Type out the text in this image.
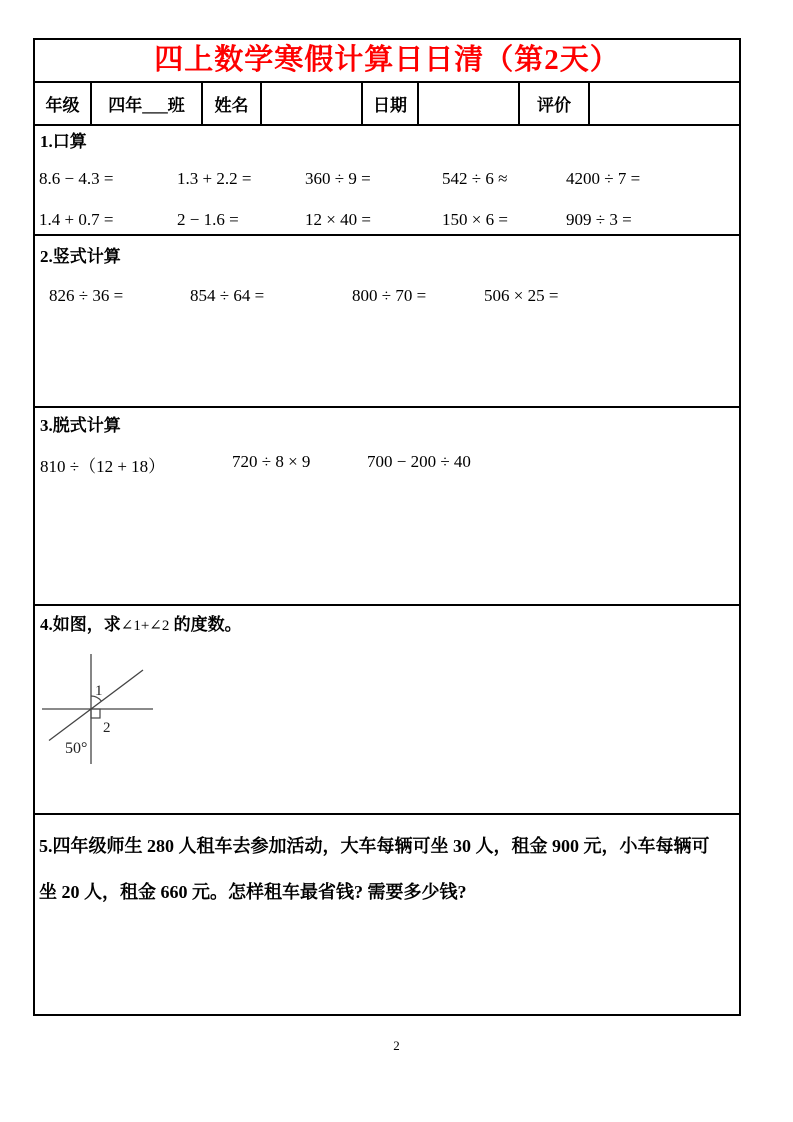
四上数学寒假计算日日清（第2天）
年级	四年___班	姓名	日期	评价
1.口算
8.6 − 4.3 =	1.3 + 2.2 =	360 ÷ 9 =	542 ÷ 6 ≈	4200 ÷ 7 =
1.4 + 0.7 =	2 − 1.6 =	12 × 40 =	150 × 6 =	909 ÷ 3 =
2.竖式计算
826 ÷ 36 =	854 ÷ 64 =	800 ÷ 70 =	506 × 25 =
3.脱式计算
810 ÷（12 + 18）	720 ÷ 8 × 9	700 − 200 ÷ 40
4.如图，求∠1+∠2 的度数。
1
2
50°
5.四年级师生 280 人租车去参加活动，大车每辆可坐 30 人，租金 900 元，小车每辆可
坐 20 人，租金 660 元。怎样租车最省钱? 需要多少钱?
2
